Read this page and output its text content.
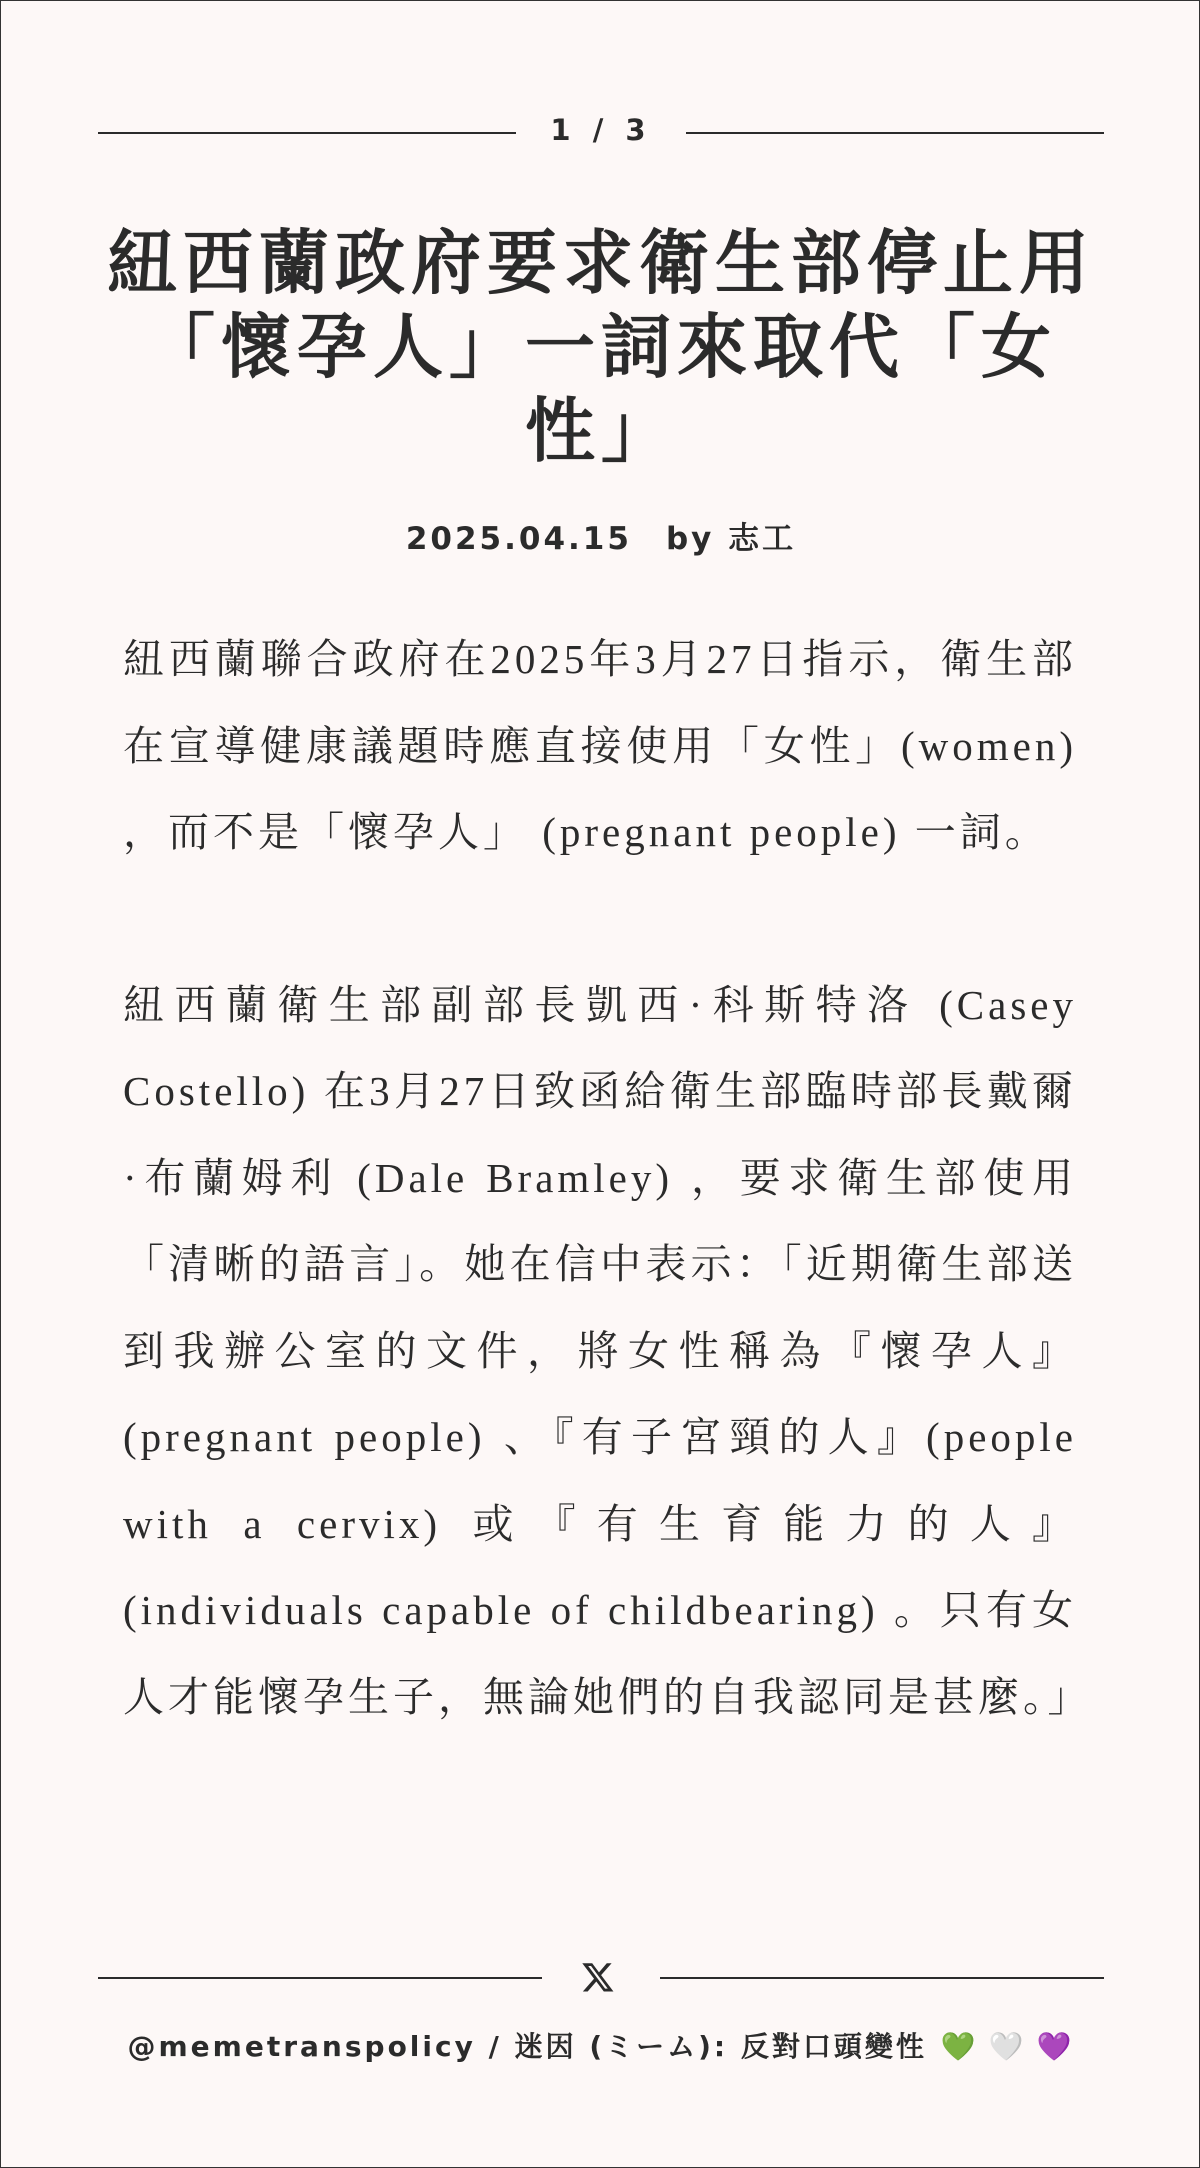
1 / 3
紐西蘭政府要求衛生部停止用「懷孕人」一詞來取代「女性」
2025.04.15 by 志工

紐西蘭聯合政府在2025年3月27日指示，衛生部在宣導健康議題時應直接使用「女性」(women) ，而不是「懷孕人」 (pregnant people) 一詞。

紐西蘭衛生部副部長凱西·科斯特洛 (Casey Costello) 在3月27日致函給衛生部臨時部長戴爾·布蘭姆利 (Dale Bramley) ，要求衛生部使用「清晰的語言」。她在信中表示：「近期衛生部送到我辦公室的文件，將女性稱為『懷孕人』 (pregnant people) 、『有子宮頸的人』(people with a cervix) 或『有生育能力的人』(individuals capable of childbearing) 。只有女人才能懷孕生子，無論她們的自我認同是甚麼。」

@memetranspolicy / 迷因 (ミーム): 反對口頭變性 💚 🤍 💜
